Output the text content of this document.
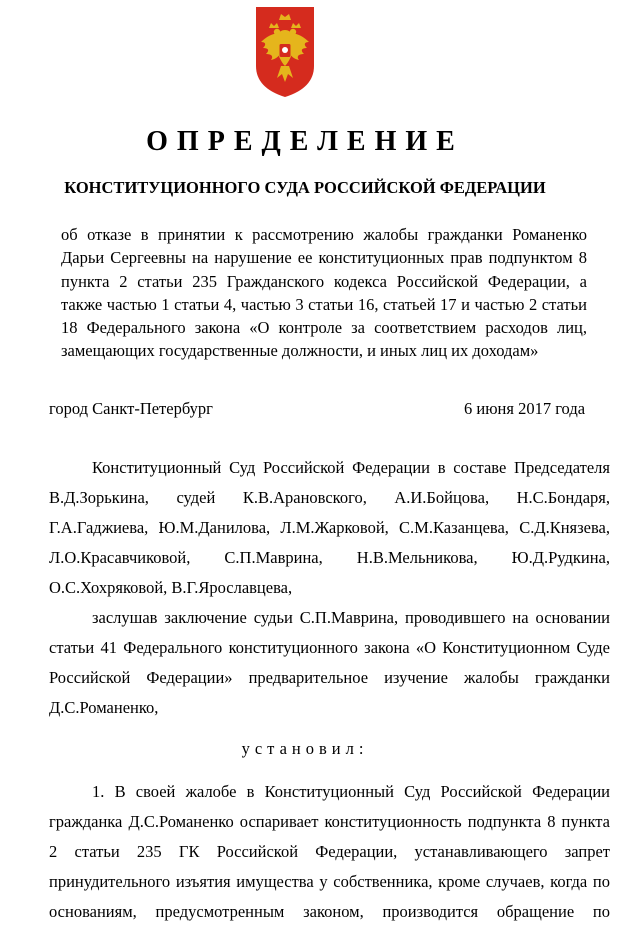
ОПРЕДЕЛЕНИЕ
КОНСТИТУЦИОННОГО СУДА РОССИЙСКОЙ ФЕДЕРАЦИИ

об отказе в принятии к рассмотрению жалобы гражданки Романенко Дарьи Сергеевны на нарушение ее конституционных прав подпунктом 8 пункта 2 статьи 235 Гражданского кодекса Российской Федерации, а также частью 1 статьи 4, частью 3 статьи 16, статьей 17 и частью 2 статьи 18 Федерального закона «О контроле за соответствием расходов лиц, замещающих государственные должности, и иных лиц их доходам»

город Санкт-Петербург	6 июня 2017 года

Конституционный Суд Российской Федерации в составе Председателя В.Д.Зорькина, судей К.В.Арановского, А.И.Бойцова, Н.С.Бондаря, Г.А.Гаджиева, Ю.М.Данилова, Л.М.Жарковой, С.М.Казанцева, С.Д.Князева, Л.О.Красавчиковой, С.П.Маврина, Н.В.Мельникова, Ю.Д.Рудкина, О.С.Хохряковой, В.Г.Ярославцева,

заслушав заключение судьи С.П.Маврина, проводившего на основании статьи 41 Федерального конституционного закона «О Конституционном Суде Российской Федерации» предварительное изучение жалобы гражданки Д.С.Романенко,

установил:

1. В своей жалобе в Конституционный Суд Российской Федерации гражданка Д.С.Романенко оспаривает конституционность подпункта 8 пункта 2 статьи 235 ГК Российской Федерации, устанавливающего запрет принудительного изъятия имущества у собственника, кроме случаев, когда по основаниям, предусмотренным законом, производится обращение по
